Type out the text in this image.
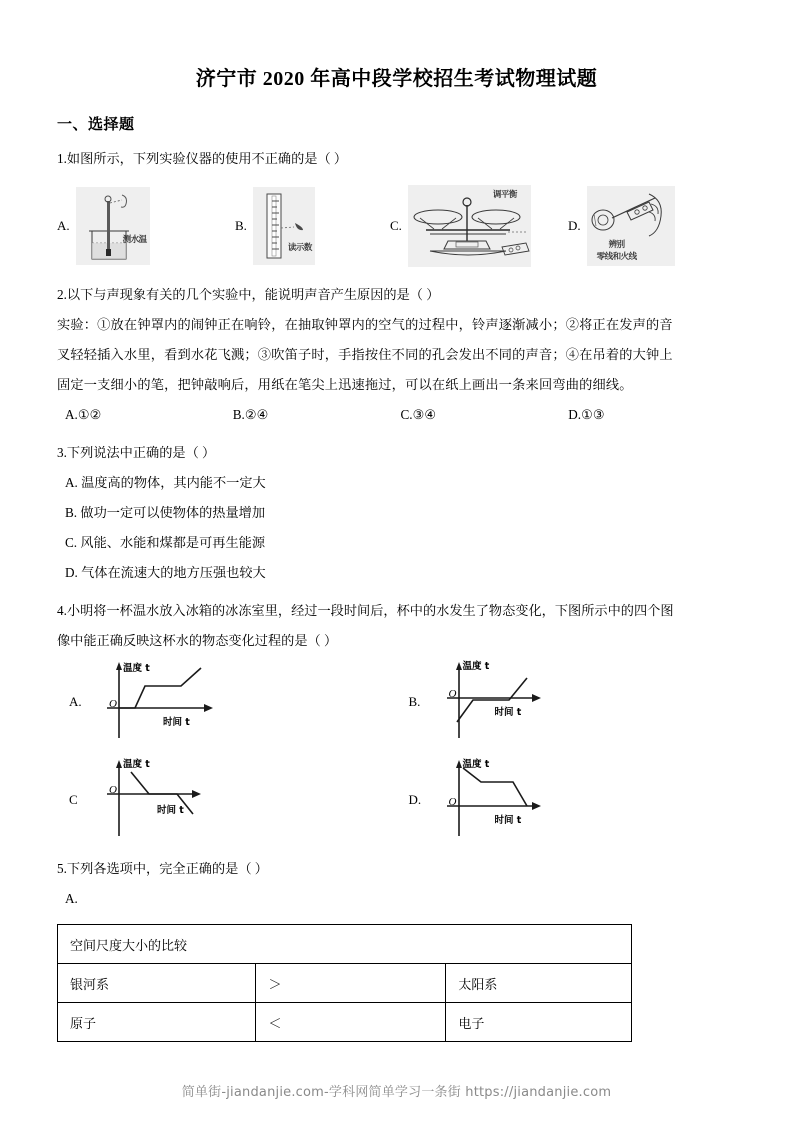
济宁市 2020 年高中段学校招生考试物理试题
一、选择题

1.如图所示，下列实验仪器的使用不正确的是（ ）

A.
测水温
B.
读示数
C.
调平衡
D.
辨别
零线和火线

2.以下与声现象有关的几个实验中，能说明声音产生原因的是（ ）

实验：①放在钟罩内的闹钟正在响铃，在抽取钟罩内的空气的过程中，铃声逐渐减小；②将正在发声的音

叉轻轻插入水里，看到水花飞溅；③吹笛子时，手指按住不同的孔会发出不同的声音；④在吊着的大钟上

固定一支细小的笔，把钟敲响后，用纸在笔尖上迅速拖过，可以在纸上画出一条来回弯曲的细线。

A.①②	B.②④	C.③④	D.①③

3.下列说法中正确的是（ ）

A. 温度高的物体，其内能不一定大

B. 做功一定可以使物体的热量增加

C. 风能、水能和煤都是可再生能源

D. 气体在流速大的地方压强也较大

4.小明将一杯温水放入冰箱的冰冻室里，经过一段时间后，杯中的水发生了物态变化，下图所示中的四个图

像中能正确反映这杯水的物态变化过程的是（ ）

A.
温度 t
时间 t
O	B.
温度 t
时间 t
O
C
温度 t
时间 t
O
D.
温度 t
时间 t
O

5.下列各选项中，完全正确的是（ ）

A.

空间尺度大小的比较		
银河系	＞	太阳系
原子	＜	电子
简单街-jiandanjie.com-学科网简单学习一条街 https://jiandanjie.com
